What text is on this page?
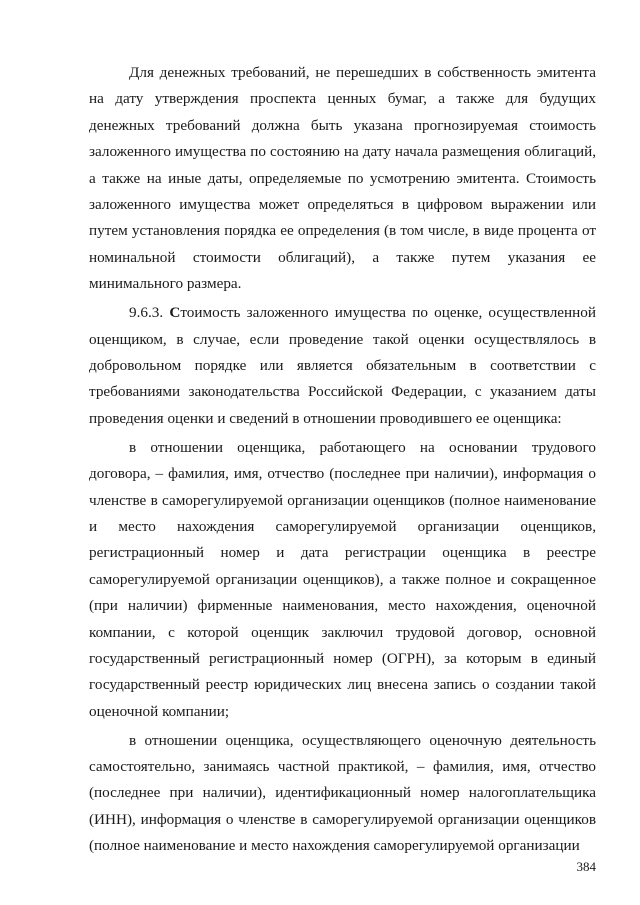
Для денежных требований, не перешедших в собственность эмитента на дату утверждения проспекта ценных бумаг, а также для будущих денежных требований должна быть указана прогнозируемая стоимость заложенного имущества по состоянию на дату начала размещения облигаций, а также на иные даты, определяемые по усмотрению эмитента. Стоимость заложенного имущества может определяться в цифровом выражении или путем установления порядка ее определения (в том числе, в виде процента от номинальной стоимости облигаций), а также путем указания ее минимального размера.

9.6.3. Стоимость заложенного имущества по оценке, осуществленной оценщиком, в случае, если проведение такой оценки осуществлялось в добровольном порядке или является обязательным в соответствии с требованиями законодательства Российской Федерации, с указанием даты проведения оценки и сведений в отношении проводившего ее оценщика:

в отношении оценщика, работающего на основании трудового договора, – фамилия, имя, отчество (последнее при наличии), информация о членстве в саморегулируемой организации оценщиков (полное наименование и место нахождения саморегулируемой организации оценщиков, регистрационный номер и дата регистрации оценщика в реестре саморегулируемой организации оценщиков), а также полное и сокращенное (при наличии) фирменные наименования, место нахождения, оценочной компании, с которой оценщик заключил трудовой договор, основной государственный регистрационный номер (ОГРН), за которым в единый государственный реестр юридических лиц внесена запись о создании такой оценочной компании;

в отношении оценщика, осуществляющего оценочную деятельность самостоятельно, занимаясь частной практикой, – фамилия, имя, отчество (последнее при наличии), идентификационный номер налогоплательщика (ИНН), информация о членстве в саморегулируемой организации оценщиков (полное наименование и место нахождения саморегулируемой организации

384
